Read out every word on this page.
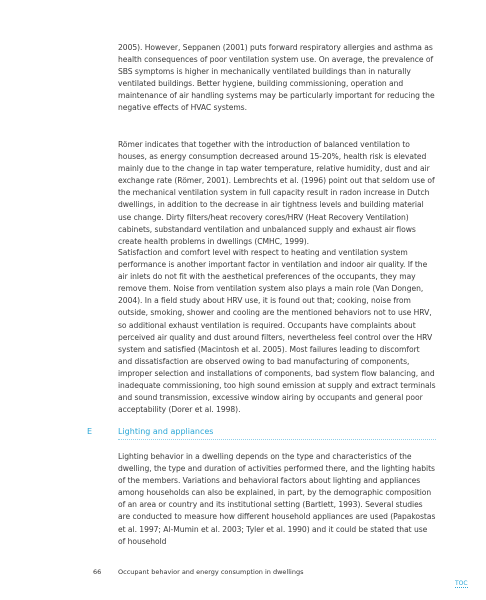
2005). However, Seppanen (2001) puts forward respiratory allergies and asthma as health consequences of poor ventilation system use. On average, the prevalence of SBS symptoms is higher in mechanically ventilated buildings than in naturally ventilated buildings. Better hygiene, building commissioning, operation and maintenance of air handling systems may be particularly important for reducing the negative effects of HVAC systems.

Römer indicates that together with the introduction of balanced ventilation to houses, as energy consumption decreased around 15-20%, health risk is elevated mainly due to the change in tap water temperature, relative humidity, dust and air exchange rate (Römer, 2001). Lembrechts et al. (1996) point out that seldom use of the mechanical ventilation system in full capacity result in radon increase in Dutch dwellings, in addition to the decrease in air tightness levels and building material use change. Dirty filters/heat recovery cores/HRV (Heat Recovery Ventilation) cabinets, substandard ventilation and unbalanced supply and exhaust air flows create health problems in dwellings (CMHC, 1999).

Satisfaction and comfort level with respect to heating and ventilation system performance is another important factor in ventilation and indoor air quality. If the air inlets do not fit with the aesthetical preferences of the occupants, they may remove them. Noise from ventilation system also plays a main role (Van Dongen, 2004). In a field study about HRV use, it is found out that; cooking, noise from outside, smoking, shower and cooling are the mentioned behaviors not to use HRV, so additional exhaust ventilation is required. Occupants have complaints about perceived air quality and dust around filters, nevertheless feel control over the HRV system and satisfied (Macintosh et al. 2005). Most failures leading to discomfort and dissatisfaction are observed owing to bad manufacturing of components, improper selection and installations of components, bad system flow balancing, and inadequate commissioning, too high sound emission at supply and extract terminals and sound transmission, excessive window airing by occupants and general poor acceptability (Dorer et al. 1998).

E	Lighting and appliances

Lighting behavior in a dwelling depends on the type and characteristics of the dwelling, the type and duration of activities performed there, and the lighting habits of the members. Variations and behavioral factors about lighting and appliances among households can also be explained, in part, by the demographic composition of an area or country and its institutional setting (Bartlett, 1993). Several studies are conducted to measure how different household appliances are used (Papakostas et al. 1997; Al-Mumin et al. 2003; Tyler et al. 1990) and it could be stated that use of household

66	Occupant behavior and energy consumption in dwellings
TOC
